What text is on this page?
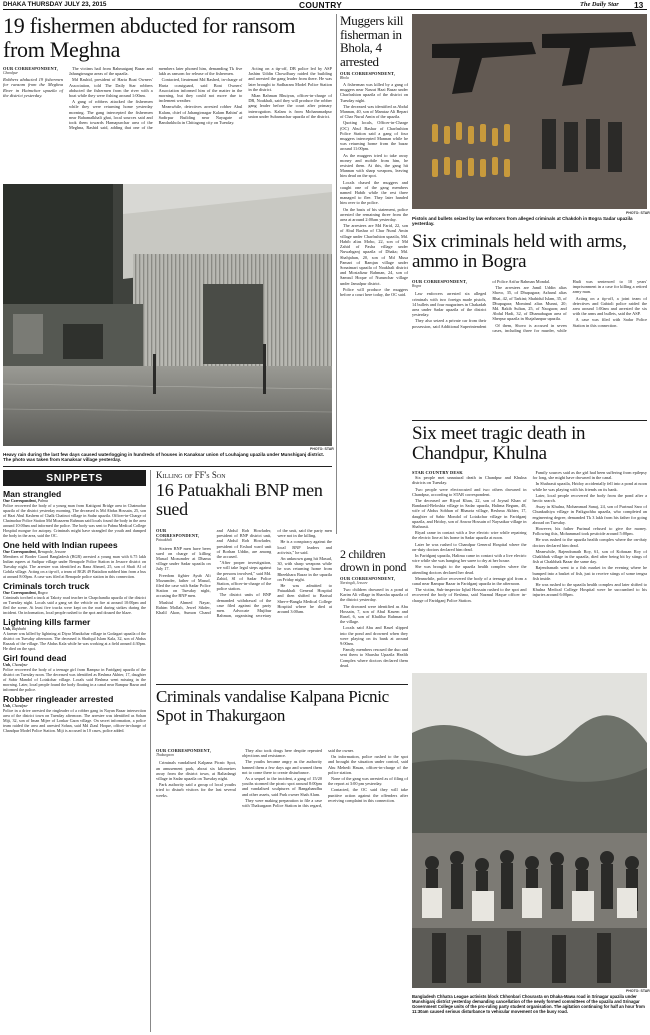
DHAKA THURSDAY JULY 23, 2015	COUNTRY	The Daily Star 13
19 fishermen abducted for ransom from Meghna
OUR CORRESPONDENT,
Chandpur
Robbers abducted 19 fishermen for ransom from the Meghna River in Haimchar upazila of the district yesterday.

The victims hail from Rahmatganj Bazar and Jahangirnagar areas of the upazila.

Md Rashid, president of Haria Boat Owners' Association, told The Daily Star robbers abducted the fishermen from the river with a boat while they were fishing around 1:00am.

A gang of robbers attacked the fishermen while they were returning home yesterday morning. The gang intercepted the fishermen near Bahamalkhali ghat, local sources said and took them towards Hamapurchar area of the Meghna, Rashid said, adding that one of the members later phoned him, demanding Tk five lakh as ransom for release of the fishermen.

Contacted, lieutenant Md Rashed, in-charge of Haria coastguard, said Boat Owners' Association informed him of the matter in the morning, but they could not move due to inclement weather.

Meanwhile, detectives arrested robber Abul Kalam, chief of Jahangirnagar Kalam Bahini' at Sadirpur Building near Nayagate of Bandarkhola in Chittagong city on Tuesday.

Acting on a tip-off, DB police led by ASP Jashim Uddin Chowdhury raided the building and arrested the gang leader from there. He was later brought to Sadharam Model Police Station in the district.

Mian Rahman Bhuiyan, officer-in-charge of DB, Noakhali, said they will produce the robber gang leader before the court after primary interrogation. Kalam is from Mohammadpur union under Subarnachar upazila of the district.

PHOTO: STAR
Heavy rain during the last few days caused waterlogging in hundreds of houses in Kanaksar union of Louhajang upazila under Munshiganj district. The photo was taken from Kanaksar village yesterday.
Muggers kill fisherman in Bhola, 4 arrested
OUR CORRESPONDENT,
Bhola

A fisherman was killed by a gang of muggers near Nasrat Hazi Bazar under Charfashion upazila of the district on Tuesday night.

The deceased was identified as Abdul Mannan, 40, son of Mamtaz Ali Bepari of Char Nurul Amin of the upazila.

Quoting locals, Officer-in-Charge (OC) Abul Bashar of Charfashion Police Station said a gang of four muggers intercepted Mannan while he was returning home from the bazar around 11:00pm.

As the muggers tried to take away money and mobile from him, he resisted them. At this, the gang hit Mannan with sharp weapons, leaving him dead on the spot.

Locals chased the muggers and caught one of the gang members named Habib while the rest three managed to flee. They later handed him over to the police.

On the basis of his statement, police arrested the remaining three from the area at around 2:00am yesterday.

The arrestees are Md Farid, 22, son of Abul Bashar of Char Nurul Amin village under Charfashion upazila, Md. Habib alias Mobo, 22, son of Md Zahid of Pasha village under Nuwabganj upazila of Dhaka; Md. Shahjahan, 20, son of Md Musa Pamari of Ramjan village under Sonaimari upazila of Noakhali district and Mostafizur Rahman, 24, son of Samsul Hoque of Nurunchar village under Jamalpur district.

Police will produce the muggers before a court here today, the OC said.

2 children drown in pond
OUR CORRESPONDENT,
Narsingdi, Jessore

Two children drowned in a pond at Karim Ali village in Sharsha upazila of the district yesterday.

The drowned were identified as Abu Hossain, 7, son of Abul Kasem and Rasel, 6, son of Khalilur Rahman of the village.

Locals said Abu and Rasel slipped into the pond and drowned when they were playing on its bank at around 9:00am.

Family members rescued the duo and sent them to Sharsha Upazila Health Complex where doctors declared them dead.

PHOTO: STAR
Pistols and bullets seized by law enforcers from alleged criminals at Chakdoh in Bogra Sadar upazila yesterday.
Six criminals held with arms, ammo in Bogra
OUR CORRESPONDENT,
Bogra

Law enforcers arrested six alleged criminals with two foreign made pistols, 14 bullets and four magazines in Chakadah area under Sadar upazila of the district yesterday.

They also seized a private car from their possession, said Additional Superintendent of Police Arifur Rahman Mondal.

The arrestees are Jamil Uddin alias Shovo, 35, of Dhupagara; Azharul alias Bhai, 42, of Tarkini; Shahidul Islam, 35, of Dhupagara; Mominul alias Munni, 20; Md. Rakib Sultan, 25, of Naogaon; and Abdul Hadi, 32, of Dhamabagan area of Sherpur upazila in Shajahanpur upazila.

Of them, Shovo is accused in seven cases, including three for murder, while Hadi was sentenced to 10 years' imprisonment in a case for killing a retired army man.

Acting on a tip-off, a joint team of detectives and Gabtoli police raided the area around 1:00am and arrested the six with the arms and bullets, said the ASP.

A case was filed with Sadar Police Station in this connection.

Six meet tragic death in Chandpur, Khulna
STAR COUNTRY DESK

Six people met unnatural death in Chandpur and Khulna districts on Tuesday.

Two people were electrocuted and two others drowned in Chandpur, according to STAR correspondent.

The deceased are Riyad Khan, 22, son of Joynal Khan of Bandarail-Beloshia village in Sadar upazila, Halima Begum, 48, wife of Abdus Sobhan of Bhaurta village, Reshma Akhter, 17, daughter of Sabir Mondol of Lotakchar village in Faridganj upazila, and Hridoy, son of Anwar Hossain of Naysatkar village in Shahrasti.

Riyad came in contact with a live electric wire while repairing the electric line at his home in Sadar upazila at noon.

Later he was rushed to Chandpur General Hospital where the on-duty doctors declared him dead.

In Faridganj upazila, Halima came in contact with a live electric wire while she was hanging her saree to dry at her house.

She was brought to the upazila health complex where the attending doctors declared her dead.

Meanwhile, police recovered the body of a teenage girl from a canal near Rampur Bazar in Faridganj upazila in the afternoon.

The victim, Sub-inspector Iqbal Hossain rushed to the spot and recovered the body of Reshma, said Nazmul Haque officer in-charge of Faridganj Police Station.

Family sources said as the girl had been suffering from epilepsy for long, she might have drowned in the canal.

In Shahrasti upazila, Hridoy accidentally fell into a pond at noon while he was playing with his friends on its bank.

Later, local people recovered the body from the pond after a hectic search.

Away in Khulna, Mohammad Sanaj, 24, son of Purimal Saro of Chunkuthiya village in Paikgachha upazila, who completed an engineering degree, demanded Tk 3 lakh from his father for going abroad on Tuesday.

However, his father Purimal refused to give the money. Following this, Mohammad took pesticide around 5:00pm.

He was rushed to the upazila health complex where the on-duty doctors declared him dead.

Meanwhile, Rajendranath Roy, 61, son of Kobasan Roy of Chakbhak village in the upazila, died after being bit by stings of fish at Chakbhak Bazar the same day.

Rajendranath went to a fish market in the evening where he bumped into a basket of fish, just to receive stings of some tengra fish inside.

He was rushed to the upazila health complex and later shifted to Khulna Medical College Hospital were he succumbed to his injuries around 6:00pm.

SNIPPETS
Man strangled
Our Correspondent, Pabna
Police recovered the body of a young man from Kattigoni Bridge area in Chatmohar upazila of the district yesterday morning. The deceased is Md Abdus Hossain, 25, son of Hazi Abul Kashem of Chalk Chatinoi village in Sadar upazila. Officer-in-Charge of Chatmohar Police Station Md Moazzem Rahman said locals found the body in the area around 10:00am and informed the police. The body was sent to Pabna Medical College Hospital morgue for autopsy. Criminals might have strangled the youth and dumped the body in the area, said the OC.
One held with Indian rupees
Our Correspondent, Benapole, Jessore
Members of Border Guard Bangladesh (BGB) arrested a young man with 6.75 lakh Indian rupees at Sadipur village under Benapole Police Station in Jessore district on Tuesday night. The arrestee was identified as Rana Ahmed, 25, son of Shafi Al of Gobila village. Acting on a tip-off, a team of BGB 49 Battalion nabbed him from a bus at around 8:00pm. A case was filed at Benapole police station in this connection.
Criminals torch truck
Our Correspondent, Bogra
Criminals torched a truck at Takoty road teacher in Chapchandia upazila of the district on Tuesday night. Locals said a gang set the vehicle on fire at around 10:00pm and fled the scene. At least five trucks were kept on the road during strikes during the incident. On information, local people rushed to the spot and doused the blaze.
Lightning kills farmer
Unb, Rajshahi
A farmer was killed by lightning at Diyar Manikchar village in Godagari upazila of the district on Tuesday afternoon. The deceased is Shafiqul Islam Kala, 32, son of Abdus Razzak of the village. The Abdus Kala while he was working at a field around 4:30pm. He died on the spot.
Girl found dead
Unb, Chandpur
Police recovered the body of a teenage girl from Rampur in Faridganj upazila of the district on Tuesday noon. The deceased was identified as Reshma Akhter, 17, daughter of Sabir Mandol of Lotakchar village. Locals said Reshma went missing in the morning. Later, local people found the body floating in a canal near Rampur Bazar and informed the police.
Robber ringleader arrested
Unb, Chandpur
Police in a drive arrested the ringleader of a robber gang in Nayan Bazar intersection area of the district town on Tuesday afternoon. The arrestee was identified as Sohan Miji, 32, son of Iman Mijee of Lonkar Gaon village. On secret information, a police team raided the area and arrested Sohan, said Md Ziaul Hoque, officer-in-charge of Chandpur Model Police Station. Miji is accused in 10 cases, police added.
Killing of FF's Son
16 Patuakhali BNP men sued
OUR CORRESPONDENT,
Patuakhali

Sixteen BNP men have been sued on charge of killing Masud Mozumder at Dhama village under Sadar upazila on July 17.

Freedom fighter Ayub Ali Mozumder, father of Masud, filed the case with Sadar Police Station on Tuesday night, accusing the BNP men.

Mashiul Ahmed Nayar, Rahim Mollah, Jewel Sikder, Khalil Akon, Sumon Chand and Abdul Rob Howlader, president of BNP district unit, and Abdul Rob Howlader, president of Ershad ward unit of Borhan Uddin, are among the accused.

"After proper investigation, we will take legal steps against the persons involved," said Md. Zahid, SI of Sadar Police Station, officer-in-charge of the police station.

The district units of BNP demanded withdrawal of the case filed against the party men. Advocate Mujibur Rahman, organising secretary of the unit, said the party men were not in the killing.

He is a conspiracy against the local BNP leaders and activists," he said.

An unknown gang hit Masud, 30, with sharp weapons while he was returning home from Bheekhara Bazar in the upazila on Friday night.

He was admitted to Patuakhali General Hospital and then shifted to Barisal Sher-e-Bangla Medical College Hospital where he died at around 3:00am.

Criminals vandalise Kalpana Picnic Spot in Thakurgaon
OUR CORRESPONDENT,
Thakurgaon

Criminals vandalised Kalpana Picnic Spot, an amusement park, about six kilometres away from the district town, at Baliadangi village in Sadar upazila on Tuesday night.

Park authority said a group of local youths tried to disturb visitors for the last several weeks.

They also took drugs here despite repeated objections and resistance.

The youths became angry as the authority banned them a few days ago and warned them not to come there to create disturbance.

As a sequel to the incident, a gang of 15/20 youths stormed the picnic spot around 8:00pm and vandalised sculptures of Bangabandhu and other assets, said Park owner Shah Alam.

They were making preparation to file a case with Thakurgaon Police Station in this regard, said the owner.

On information, police rushed to the spot and brought the situation under control, said Abu Mehedi Hasan, officer-in-charge of the police station.

None of the gang was arrested as of filing of the report at 3:00 pm yesterday.

Contacted, the OC said they will take punitive action against the offenders after receiving complaint in this connection.

PHOTO: STAR
Bangladesh Chhatra League activists block Chhonbari Chourasta on Dhaka-Mawa road in Srinagar upazila under Munshiganj district yesterday demanding cancellation of the newly formed committees of the upazila and Srinagar Government College units of the pro-ruling party student organisation. The agitation continuing for half an hour from 11:30am caused serious disturbance to vehicular movement on the busy road.
